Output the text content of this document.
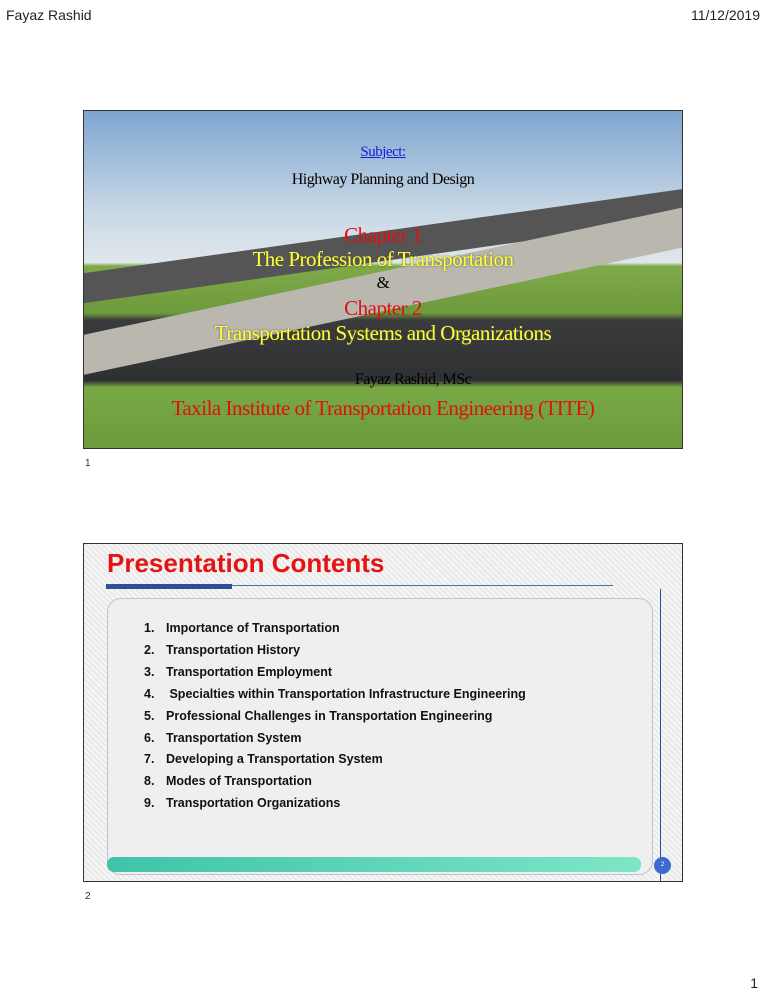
Fayaz Rashid	11/12/2019
Subject:
Highway Planning and Design
Chapter 1
The Profession of Transportation
&
Chapter 2
Transportation Systems and Organizations
Fayaz Rashid, MSc
Taxila Institute of Transportation Engineering (TITE)
1
Presentation Contents
1. Importance of Transportation
2. Transportation History
3. Transportation Employment
4. Specialties within Transportation Infrastructure Engineering
5. Professional Challenges in Transportation Engineering
6. Transportation System
7. Developing a Transportation System
8. Modes of Transportation
9. Transportation Organizations
2
2
1
